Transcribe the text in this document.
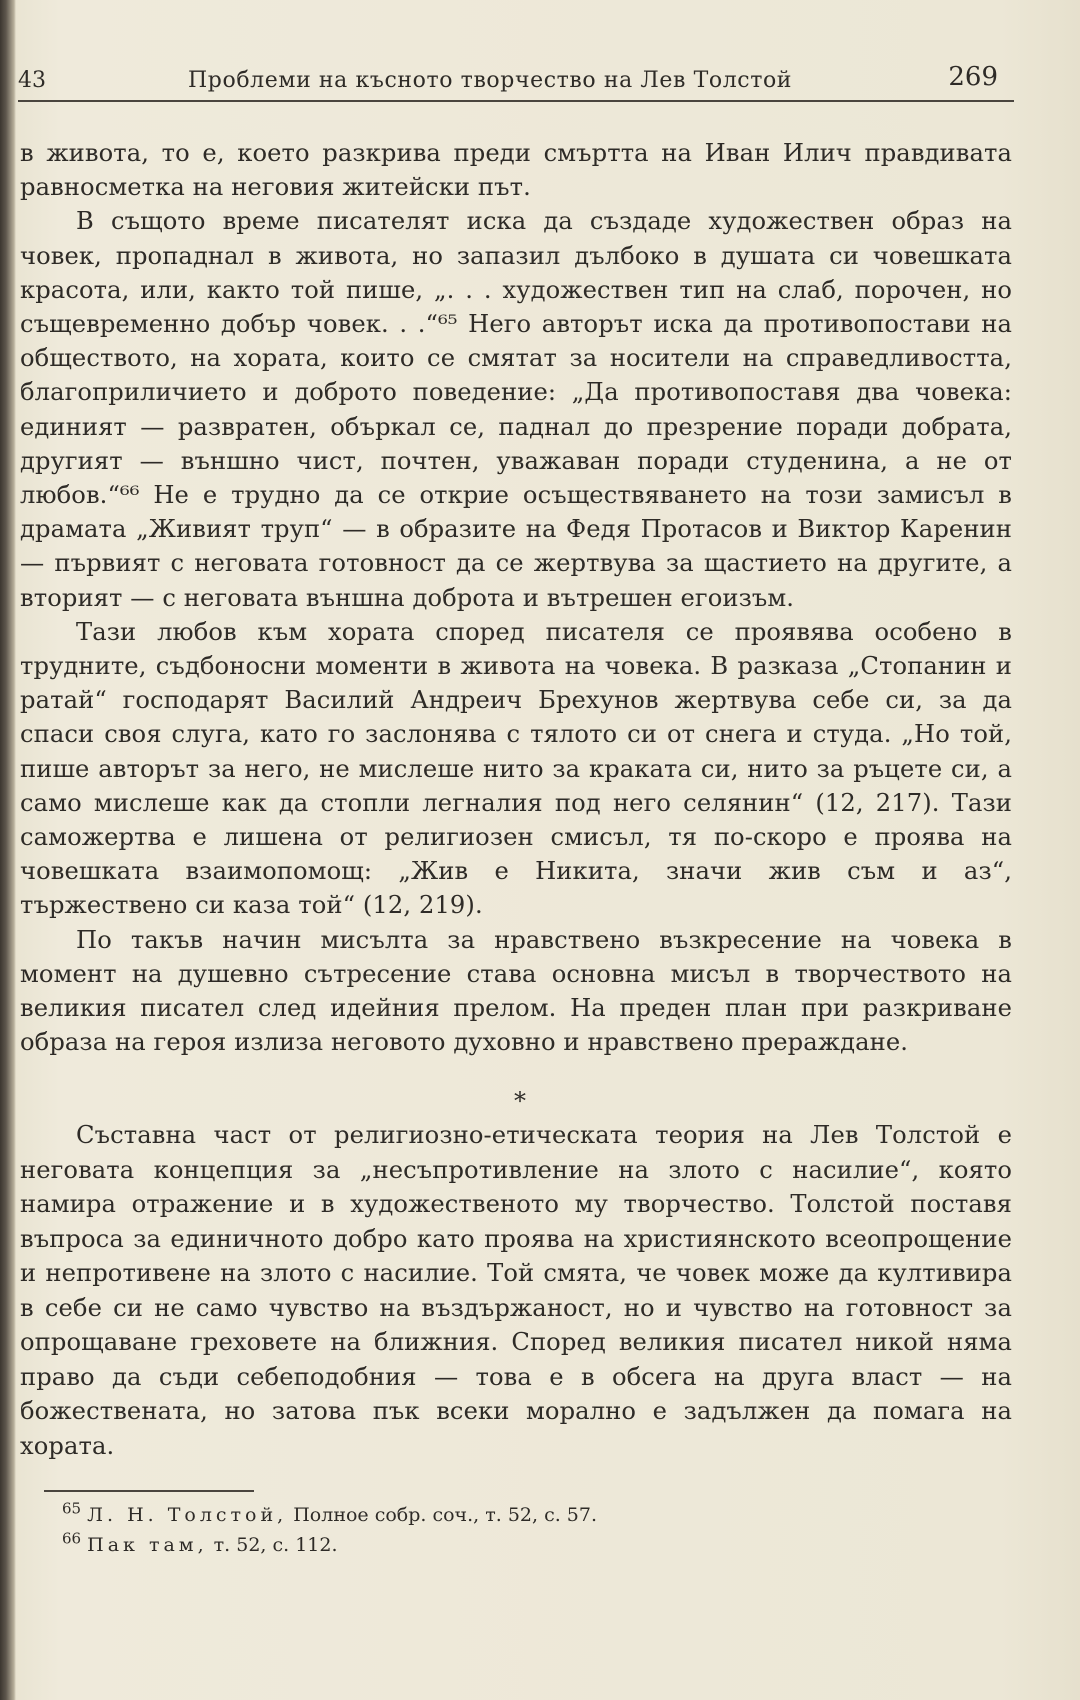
43	Проблеми на късното творчество на Лев Толстой	269

в живота, то е, което разкрива преди смъртта на Иван Илич правдивата равносметка на неговия житейски път.

В същото време писателят иска да създаде художествен образ на човек, пропаднал в живота, но запазил дълбоко в душата си човешката красота, или, както той пише, „. . . художествен тип на слаб, порочен, но същевременно добър човек. . .“⁶⁵ Него авторът иска да противопостави на обществото, на хората, които се смятат за носители на справедливостта, благоприличието и доброто поведение: „Да противопоставя два човека: единият — развратен, объркал се, паднал до презрение поради добрата, другият — външно чист, почтен, уважаван поради студенина, а не от любов.“⁶⁶ Не е трудно да се открие осъществяването на този замисъл в драмата „Живият труп“ — в образите на Федя Протасов и Виктор Каренин — първият с неговата готовност да се жертвува за щастието на другите, а вторият — с неговата външна доброта и вътрешен егоизъм.

Тази любов към хората според писателя се проявява особено в трудните, съдбоносни моменти в живота на човека. В разказа „Стопанин и ратай“ господарят Василий Андреич Брехунов жертвува себе си, за да спаси своя слуга, като го заслонява с тялото си от снега и студа. „Но той, пише авторът за него, не мислеше нито за краката си, нито за ръцете си, а само мислеше как да стопли легналия под него селянин“ (12, 217). Тази саможертва е лишена от религиозен смисъл, тя по-скоро е проява на човешката взаимопомощ: „Жив е Никита, значи жив съм и аз“, тържествено си каза той“ (12, 219).

По такъв начин мисълта за нравствено възкресение на човека в момент на душевно сътресение става основна мисъл в творчеството на великия писател след идейния прелом. На преден план при разкриване образа на героя излиза неговото духовно и нравствено прераждане.

*

Съставна част от религиозно-етическата теория на Лев Толстой е неговата концепция за „несъпротивление на злото с насилие“, която намира отражение и в художественото му творчество. Толстой поставя въпроса за единичното добро като проява на християнското всеопрощение и непротивене на злото с насилие. Той смята, че човек може да култивира в себе си не само чувство на въздържаност, но и чувство на готовност за опрощаване греховете на ближния. Според великия писател никой няма право да съди себеподобния — това е в обсега на друга власт — на божествената, но затова пък всеки морално е задължен да помага на хората.

$^{65}$ Л. Н. Толстой, Полное собр. соч., т. 52, с. 57.
$^{66}$ Пак там, т. 52, с. 112.
